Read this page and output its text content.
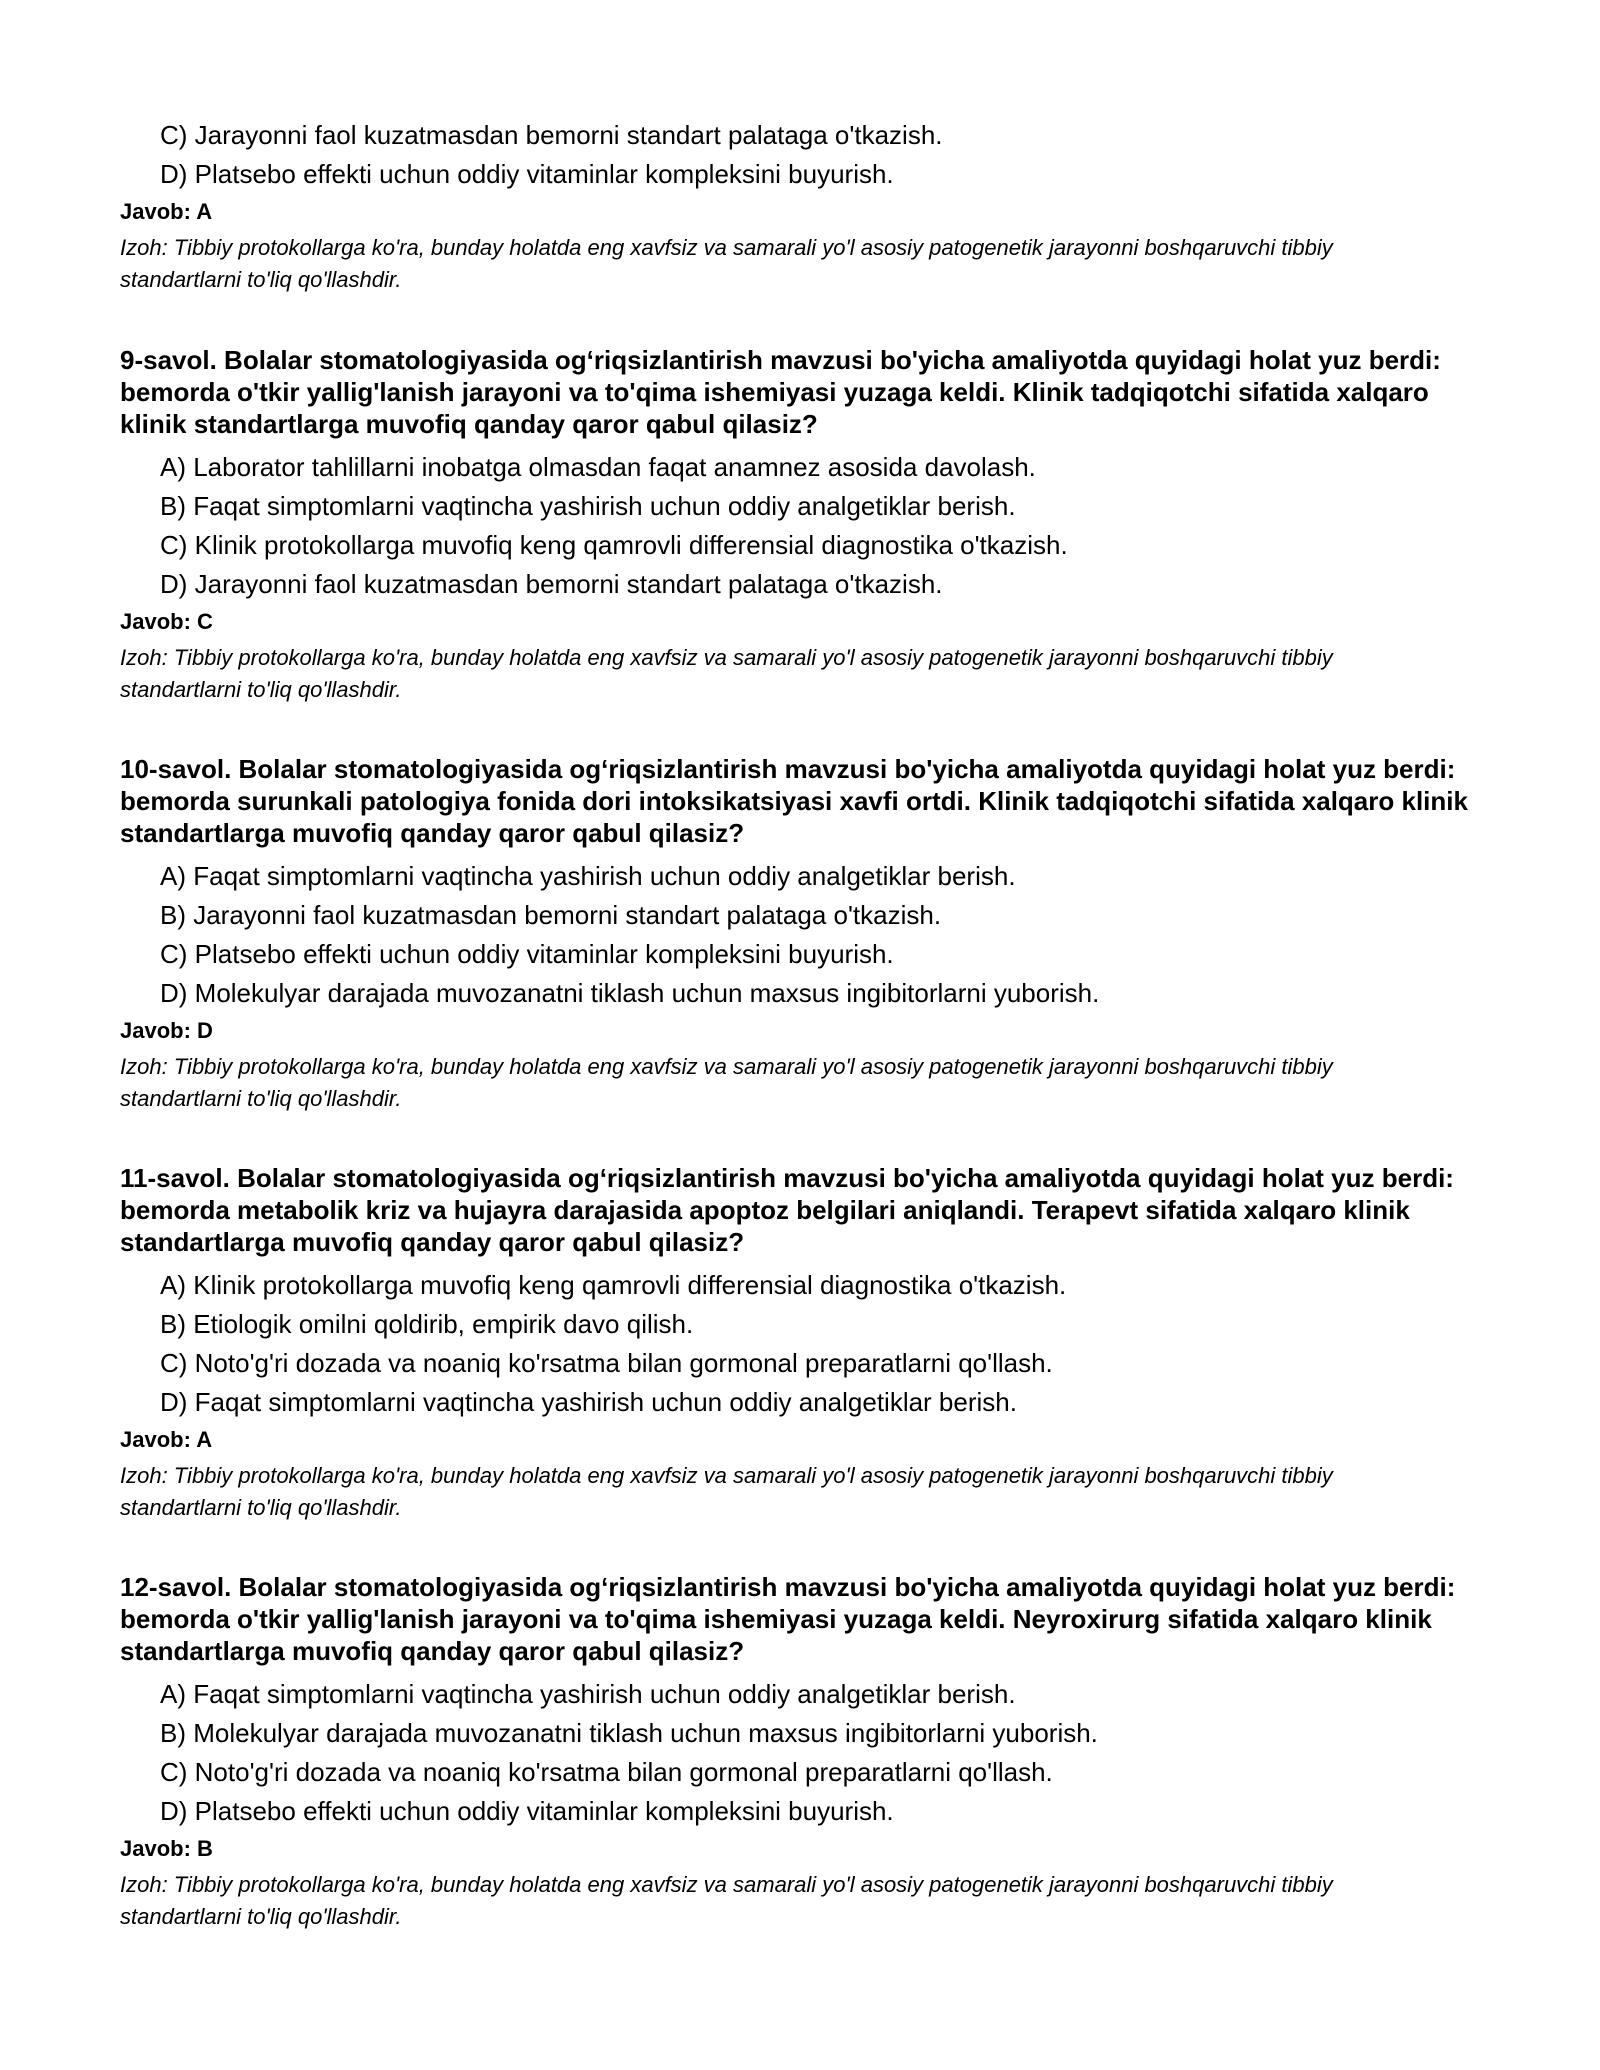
C) Jarayonni faol kuzatmasdan bemorni standart palataga o'tkazish.

D) Platsebo effekti uchun oddiy vitaminlar kompleksini buyurish.

Javob: A

Izoh: Tibbiy protokollarga ko'ra, bunday holatda eng xavfsiz va samarali yo'l asosiy patogenetik jarayonni boshqaruvchi tibbiy standartlarni to'liq qo'llashdir.

9-savol. Bolalar stomatologiyasida og‘riqsizlantirish mavzusi bo'yicha amaliyotda quyidagi holat yuz berdi: bemorda o'tkir yallig'lanish jarayoni va to'qima ishemiyasi yuzaga keldi. Klinik tadqiqotchi sifatida xalqaro klinik standartlarga muvofiq qanday qaror qabul qilasiz?

A) Laborator tahlillarni inobatga olmasdan faqat anamnez asosida davolash.

B) Faqat simptomlarni vaqtincha yashirish uchun oddiy analgetiklar berish.

C) Klinik protokollarga muvofiq keng qamrovli differensial diagnostika o'tkazish.

D) Jarayonni faol kuzatmasdan bemorni standart palataga o'tkazish.

Javob: C

Izoh: Tibbiy protokollarga ko'ra, bunday holatda eng xavfsiz va samarali yo'l asosiy patogenetik jarayonni boshqaruvchi tibbiy standartlarni to'liq qo'llashdir.

10-savol. Bolalar stomatologiyasida og‘riqsizlantirish mavzusi bo'yicha amaliyotda quyidagi holat yuz berdi: bemorda surunkali patologiya fonida dori intoksikatsiyasi xavfi ortdi. Klinik tadqiqotchi sifatida xalqaro klinik standartlarga muvofiq qanday qaror qabul qilasiz?

A) Faqat simptomlarni vaqtincha yashirish uchun oddiy analgetiklar berish.

B) Jarayonni faol kuzatmasdan bemorni standart palataga o'tkazish.

C) Platsebo effekti uchun oddiy vitaminlar kompleksini buyurish.

D) Molekulyar darajada muvozanatni tiklash uchun maxsus ingibitorlarni yuborish.

Javob: D

Izoh: Tibbiy protokollarga ko'ra, bunday holatda eng xavfsiz va samarali yo'l asosiy patogenetik jarayonni boshqaruvchi tibbiy standartlarni to'liq qo'llashdir.

11-savol. Bolalar stomatologiyasida og‘riqsizlantirish mavzusi bo'yicha amaliyotda quyidagi holat yuz berdi: bemorda metabolik kriz va hujayra darajasida apoptoz belgilari aniqlandi. Terapevt sifatida xalqaro klinik standartlarga muvofiq qanday qaror qabul qilasiz?

A) Klinik protokollarga muvofiq keng qamrovli differensial diagnostika o'tkazish.

B) Etiologik omilni qoldirib, empirik davo qilish.

C) Noto'g'ri dozada va noaniq ko'rsatma bilan gormonal preparatlarni qo'llash.

D) Faqat simptomlarni vaqtincha yashirish uchun oddiy analgetiklar berish.

Javob: A

Izoh: Tibbiy protokollarga ko'ra, bunday holatda eng xavfsiz va samarali yo'l asosiy patogenetik jarayonni boshqaruvchi tibbiy standartlarni to'liq qo'llashdir.

12-savol. Bolalar stomatologiyasida og‘riqsizlantirish mavzusi bo'yicha amaliyotda quyidagi holat yuz berdi: bemorda o'tkir yallig'lanish jarayoni va to'qima ishemiyasi yuzaga keldi. Neyroxirurg sifatida xalqaro klinik standartlarga muvofiq qanday qaror qabul qilasiz?

A) Faqat simptomlarni vaqtincha yashirish uchun oddiy analgetiklar berish.

B) Molekulyar darajada muvozanatni tiklash uchun maxsus ingibitorlarni yuborish.

C) Noto'g'ri dozada va noaniq ko'rsatma bilan gormonal preparatlarni qo'llash.

D) Platsebo effekti uchun oddiy vitaminlar kompleksini buyurish.

Javob: B

Izoh: Tibbiy protokollarga ko'ra, bunday holatda eng xavfsiz va samarali yo'l asosiy patogenetik jarayonni boshqaruvchi tibbiy standartlarni to'liq qo'llashdir.
